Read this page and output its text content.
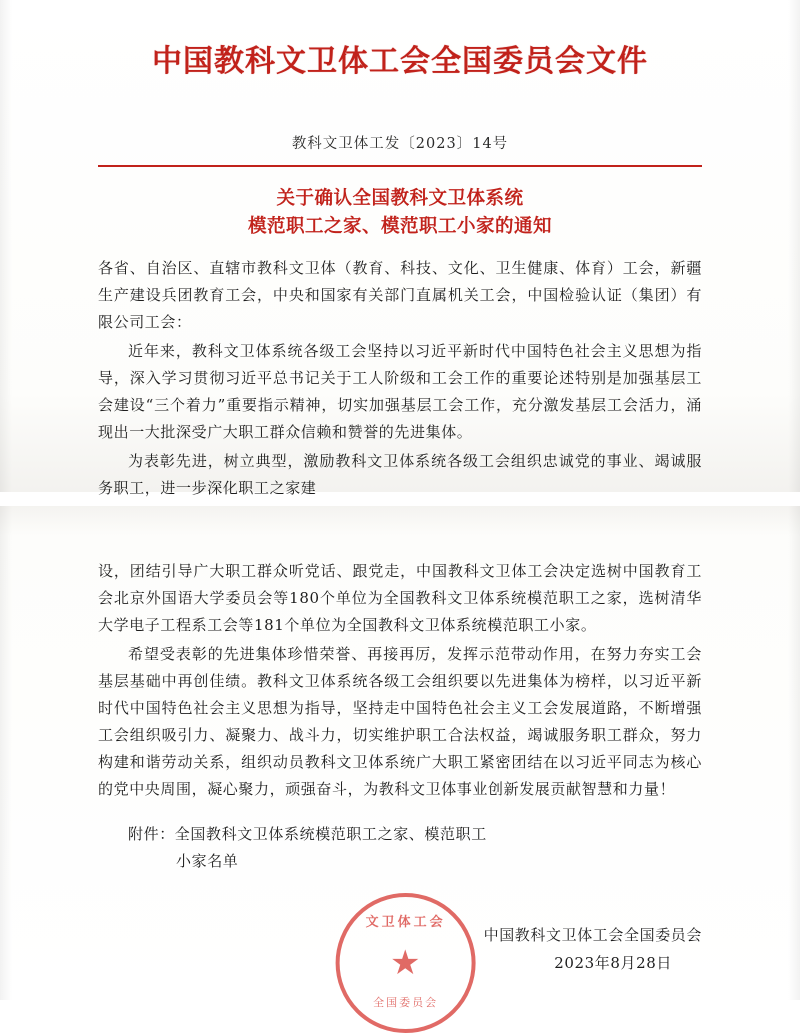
中国教科文卫体工会全国委员会文件
教科文卫体工发〔2023〕14号
关于确认全国教科文卫体系统
模范职工之家、模范职工小家的通知

各省、自治区、直辖市教科文卫体（教育、科技、文化、卫生健康、体育）工会，新疆生产建设兵团教育工会，中央和国家有关部门直属机关工会，中国检验认证（集团）有限公司工会：

近年来，教科文卫体系统各级工会坚持以习近平新时代中国特色社会主义思想为指导，深入学习贯彻习近平总书记关于工人阶级和工会工作的重要论述特别是加强基层工会建设“三个着力”重要指示精神，切实加强基层工会工作，充分激发基层工会活力，涌现出一大批深受广大职工群众信赖和赞誉的先进集体。

为表彰先进，树立典型，激励教科文卫体系统各级工会组织忠诚党的事业、竭诚服务职工，进一步深化职工之家建

设，团结引导广大职工群众听党话、跟党走，中国教科文卫体工会决定选树中国教育工会北京外国语大学委员会等180个单位为全国教科文卫体系统模范职工之家，选树清华大学电子工程系工会等181个单位为全国教科文卫体系统模范职工小家。

希望受表彰的先进集体珍惜荣誉、再接再厉，发挥示范带动作用，在努力夯实工会基层基础中再创佳绩。教科文卫体系统各级工会组织要以先进集体为榜样，以习近平新时代中国特色社会主义思想为指导，坚持走中国特色社会主义工会发展道路，不断增强工会组织吸引力、凝聚力、战斗力，切实维护职工合法权益，竭诚服务职工群众，努力构建和谐劳动关系，组织动员教科文卫体系统广大职工紧密团结在以习近平同志为核心的党中央周围，凝心聚力，顽强奋斗，为教科文卫体事业创新发展贡献智慧和力量！

附件：全国教科文卫体系统模范职工之家、模范职工
小家名单
文卫体工会
★
全国委员会
中国教科文卫体工会全国委员会
2023年8月28日
